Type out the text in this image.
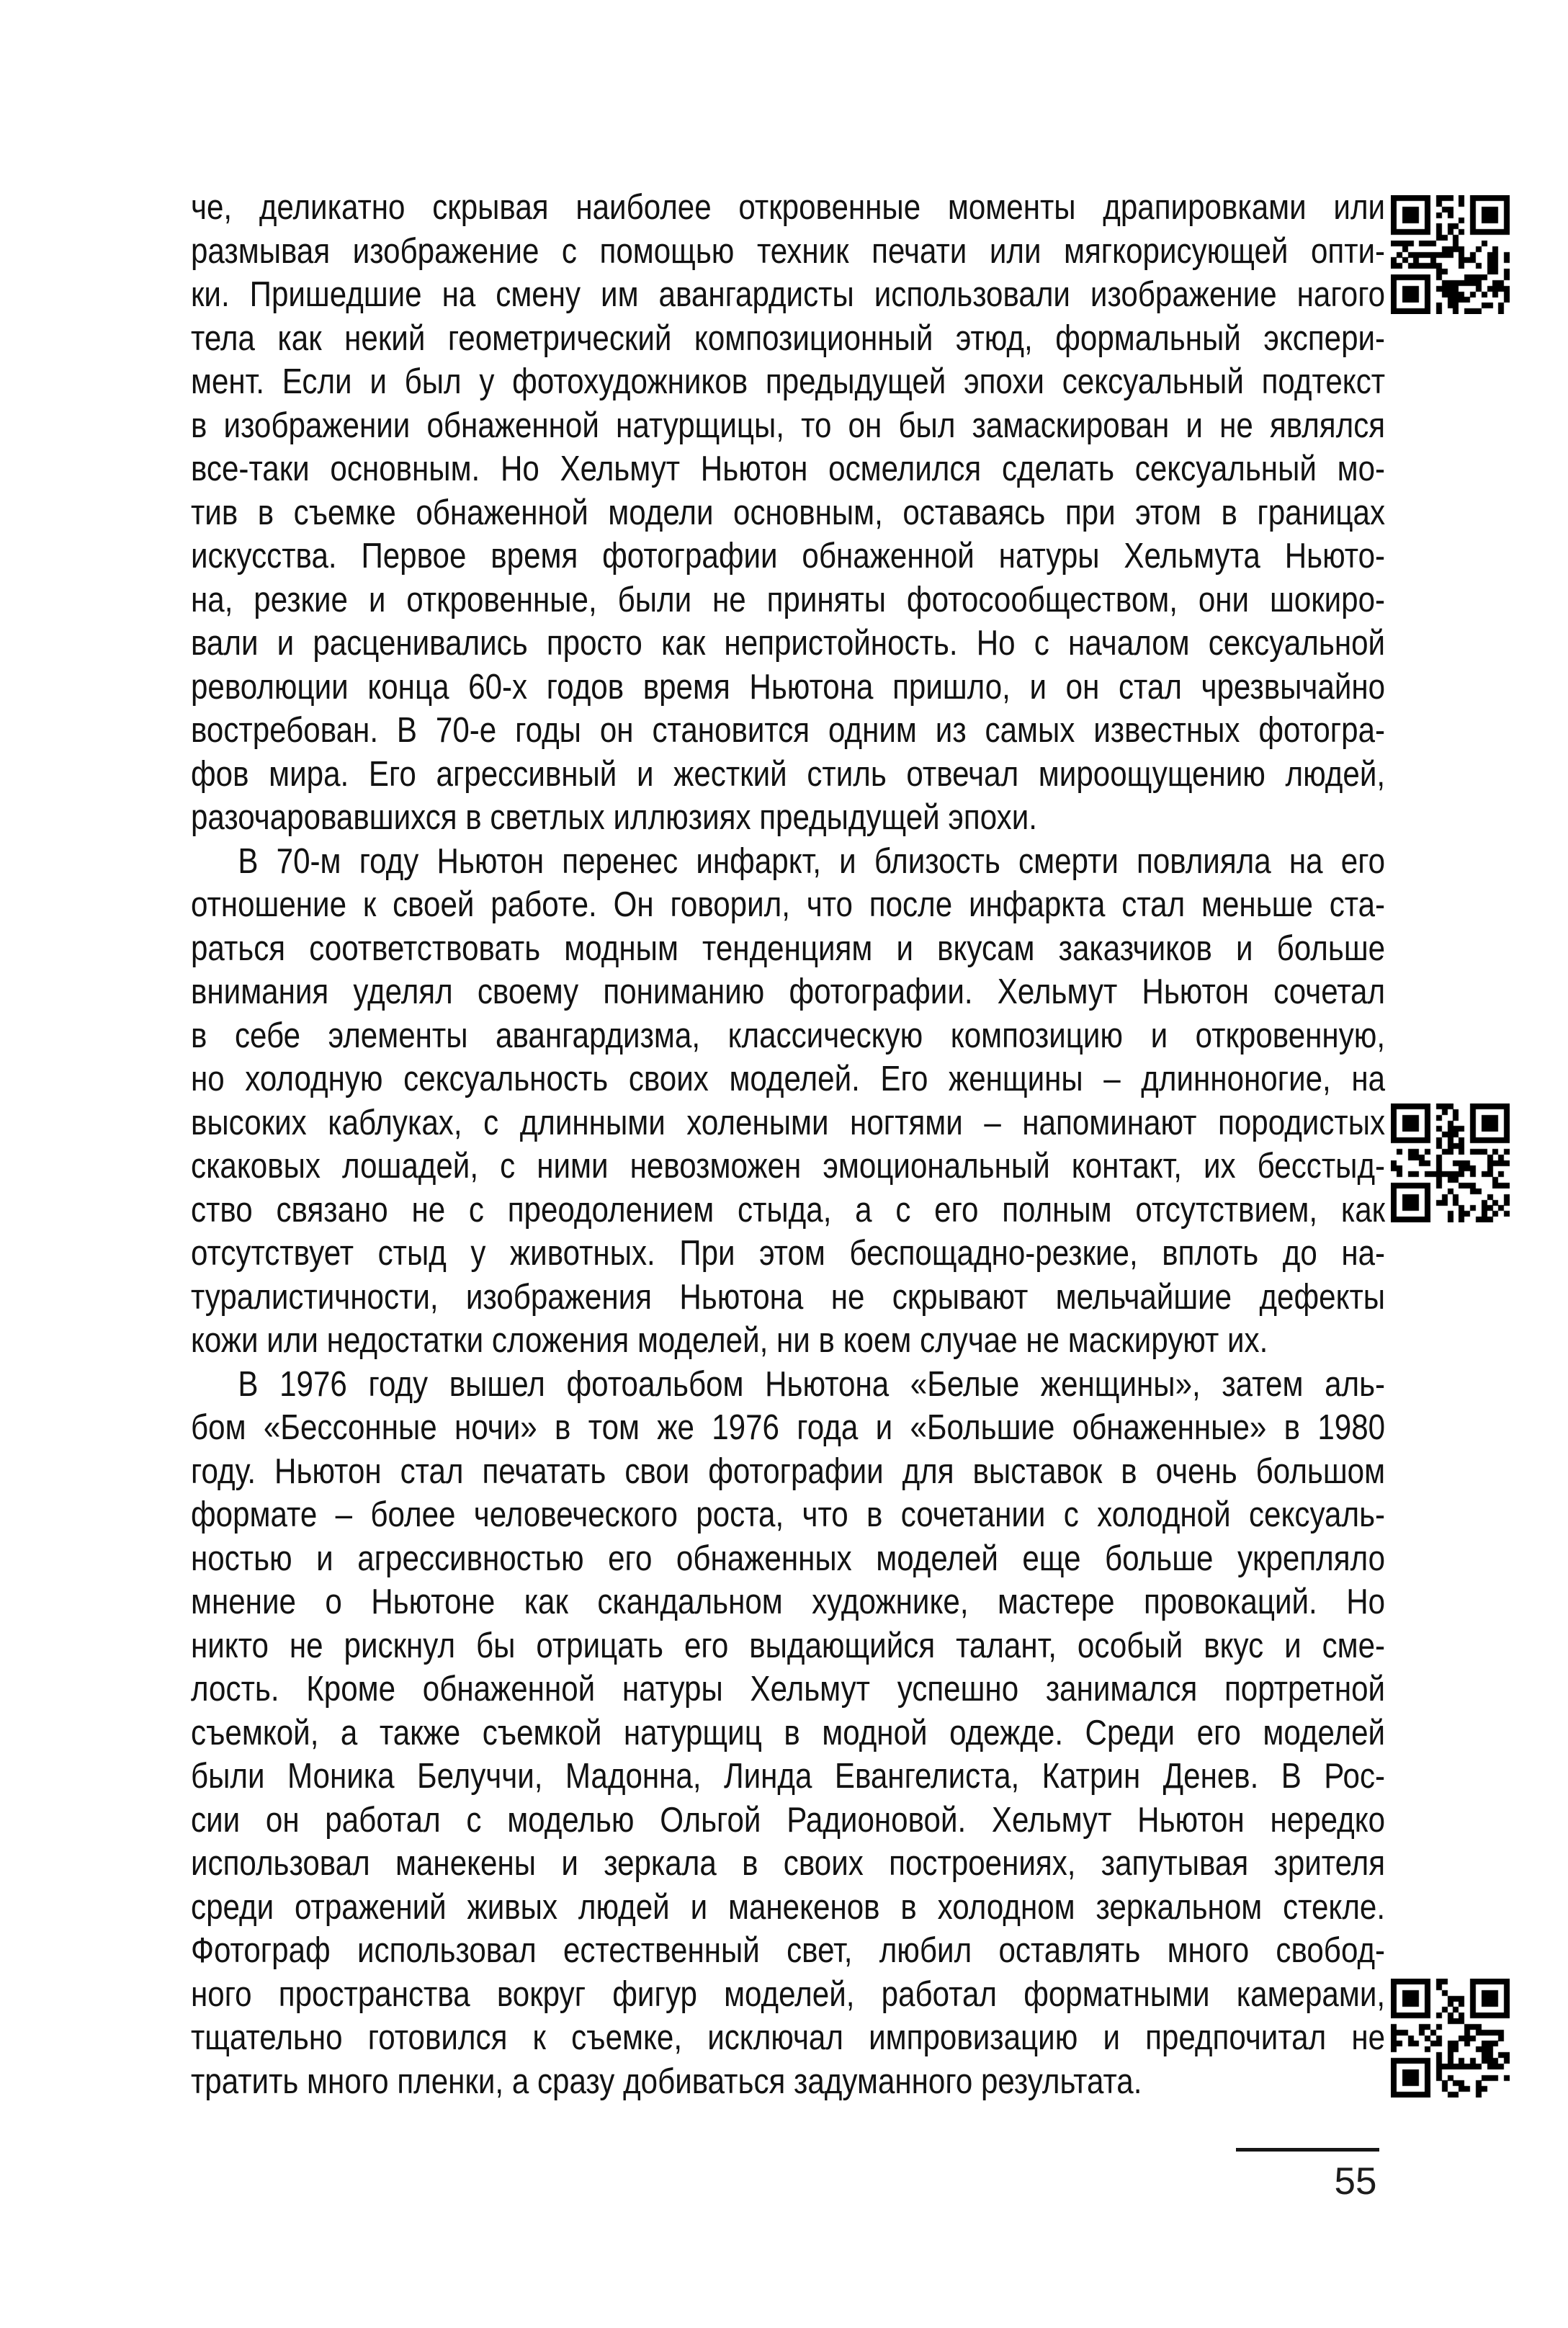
че, деликатно скрывая наиболее откровенные моменты драпировками или
размывая изображение с помощью техник печати или мягкорисующей опти-
ки. Пришедшие на смену им авангардисты использовали изображение нагого
тела как некий геометрический композиционный этюд, формальный экспери-
мент. Если и был у фотохудожников предыдущей эпохи сексуальный подтекст
в изображении обнаженной натурщицы, то он был замаскирован и не являлся
все-таки основным. Но Хельмут Ньютон осмелился сделать сексуальный мо-
тив в съемке обнаженной модели основным, оставаясь при этом в границах
искусства. Первое время фотографии обнаженной натуры Хельмута Ньюто-
на, резкие и откровенные, были не приняты фотосообществом, они шокиро-
вали и расценивались просто как непристойность. Но с началом сексуальной
революции конца 60-х годов время Ньютона пришло, и он стал чрезвычайно
востребован. В 70-е годы он становится одним из самых известных фотогра-
фов мира. Его агрессивный и жесткий стиль отвечал мироощущению людей,
разочаровавшихся в светлых иллюзиях предыдущей эпохи.
В 70-м году Ньютон перенес инфаркт, и близость смерти повлияла на его
отношение к своей работе. Он говорил, что после инфаркта стал меньше ста-
раться соответствовать модным тенденциям и вкусам заказчиков и больше
внимания уделял своему пониманию фотографии. Хельмут Ньютон сочетал
в себе элементы авангардизма, классическую композицию и откровенную,
но холодную сексуальность своих моделей. Его женщины – длинноногие, на
высоких каблуках, с длинными холеными ногтями – напоминают породистых
скаковых лошадей, с ними невозможен эмоциональный контакт, их бесстыд-
ство связано не с преодолением стыда, а с его полным отсутствием, как
отсутствует стыд у животных. При этом беспощадно-резкие, вплоть до на-
туралистичности, изображения Ньютона не скрывают мельчайшие дефекты
кожи или недостатки сложения моделей, ни в коем случае не маскируют их.
В 1976 году вышел фотоальбом Ньютона «Белые женщины», затем аль-
бом «Бессонные ночи» в том же 1976 года и «Большие обнаженные» в 1980
году. Ньютон стал печатать свои фотографии для выставок в очень большом
формате – более человеческого роста, что в сочетании с холодной сексуаль-
ностью и агрессивностью его обнаженных моделей еще больше укрепляло
мнение о Ньютоне как скандальном художнике, мастере провокаций. Но
никто не рискнул бы отрицать его выдающийся талант, особый вкус и сме-
лость. Кроме обнаженной натуры Хельмут успешно занимался портретной
съемкой, а также съемкой натурщиц в модной одежде. Среди его моделей
были Моника Белуччи, Мадонна, Линда Евангелиста, Катрин Денев. В Рос-
сии он работал с моделью Ольгой Радионовой. Хельмут Ньютон нередко
использовал манекены и зеркала в своих построениях, запутывая зрителя
среди отражений живых людей и манекенов в холодном зеркальном стекле.
Фотограф использовал естественный свет, любил оставлять много свобод-
ного пространства вокруг фигур моделей, работал форматными камерами,
тщательно готовился к съемке, исключал импровизацию и предпочитал не
тратить много пленки, а сразу добиваться задуманного результата.
55
